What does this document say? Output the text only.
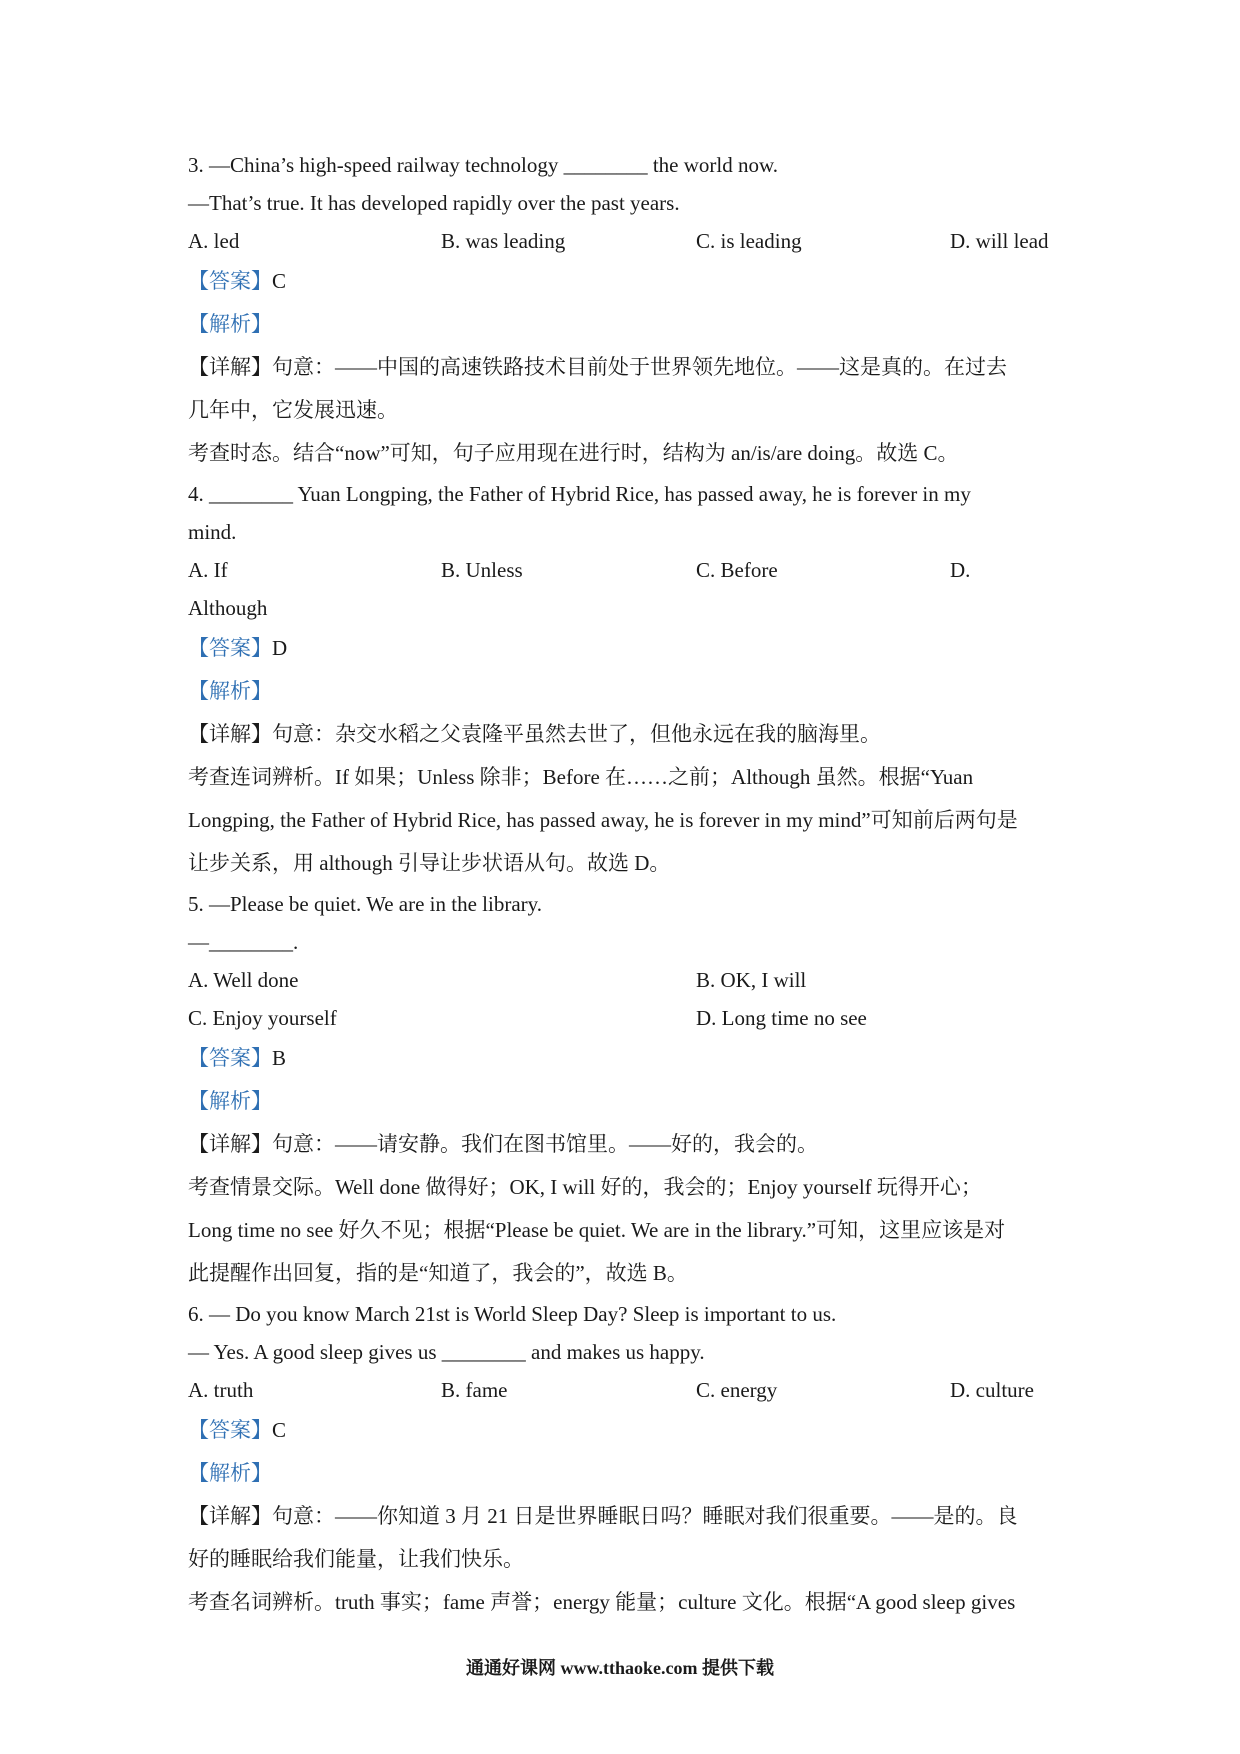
3. —China’s high-speed railway technology ________ the world now.
—That’s true. It has developed rapidly over the past years.
A. led	B. was leading	C. is leading	D. will lead
【答案】C
【解析】
【详解】句意：——中国的高速铁路技术目前处于世界领先地位。——这是真的。在过去
几年中，它发展迅速。
考查时态。结合“now”可知，句子应用现在进行时，结构为 an/is/are doing。故选 C。
4. ________ Yuan Longping, the Father of Hybrid Rice, has passed away, he is forever in my
mind.
A. If	B. Unless	C. Before	D.
Although
【答案】D
【解析】
【详解】句意：杂交水稻之父袁隆平虽然去世了，但他永远在我的脑海里。
考查连词辨析。If 如果；Unless 除非；Before 在……之前；Although 虽然。根据“Yuan
Longping, the Father of Hybrid Rice, has passed away, he is forever in my mind”可知前后两句是
让步关系，用 although 引导让步状语从句。故选 D。
5. —Please be quiet. We are in the library.
—________.
A. Well done	B. OK, I will
C. Enjoy yourself	D. Long time no see
【答案】B
【解析】
【详解】句意：——请安静。我们在图书馆里。——好的，我会的。
考查情景交际。Well done 做得好；OK, I will 好的，我会的；Enjoy yourself 玩得开心；
Long time no see 好久不见；根据“Please be quiet. We are in the library.”可知，这里应该是对
此提醒作出回复，指的是“知道了，我会的”，故选 B。
6. — Do you know March 21st is World Sleep Day? Sleep is important to us.
— Yes. A good sleep gives us ________ and makes us happy.
A. truth	B. fame	C. energy	D. culture
【答案】C
【解析】
【详解】句意：——你知道 3 月 21 日是世界睡眠日吗？睡眠对我们很重要。——是的。良
好的睡眠给我们能量，让我们快乐。
考查名词辨析。truth 事实；fame 声誉；energy 能量；culture 文化。根据“A good sleep gives
通通好课网 www.tthaoke.com 提供下载
